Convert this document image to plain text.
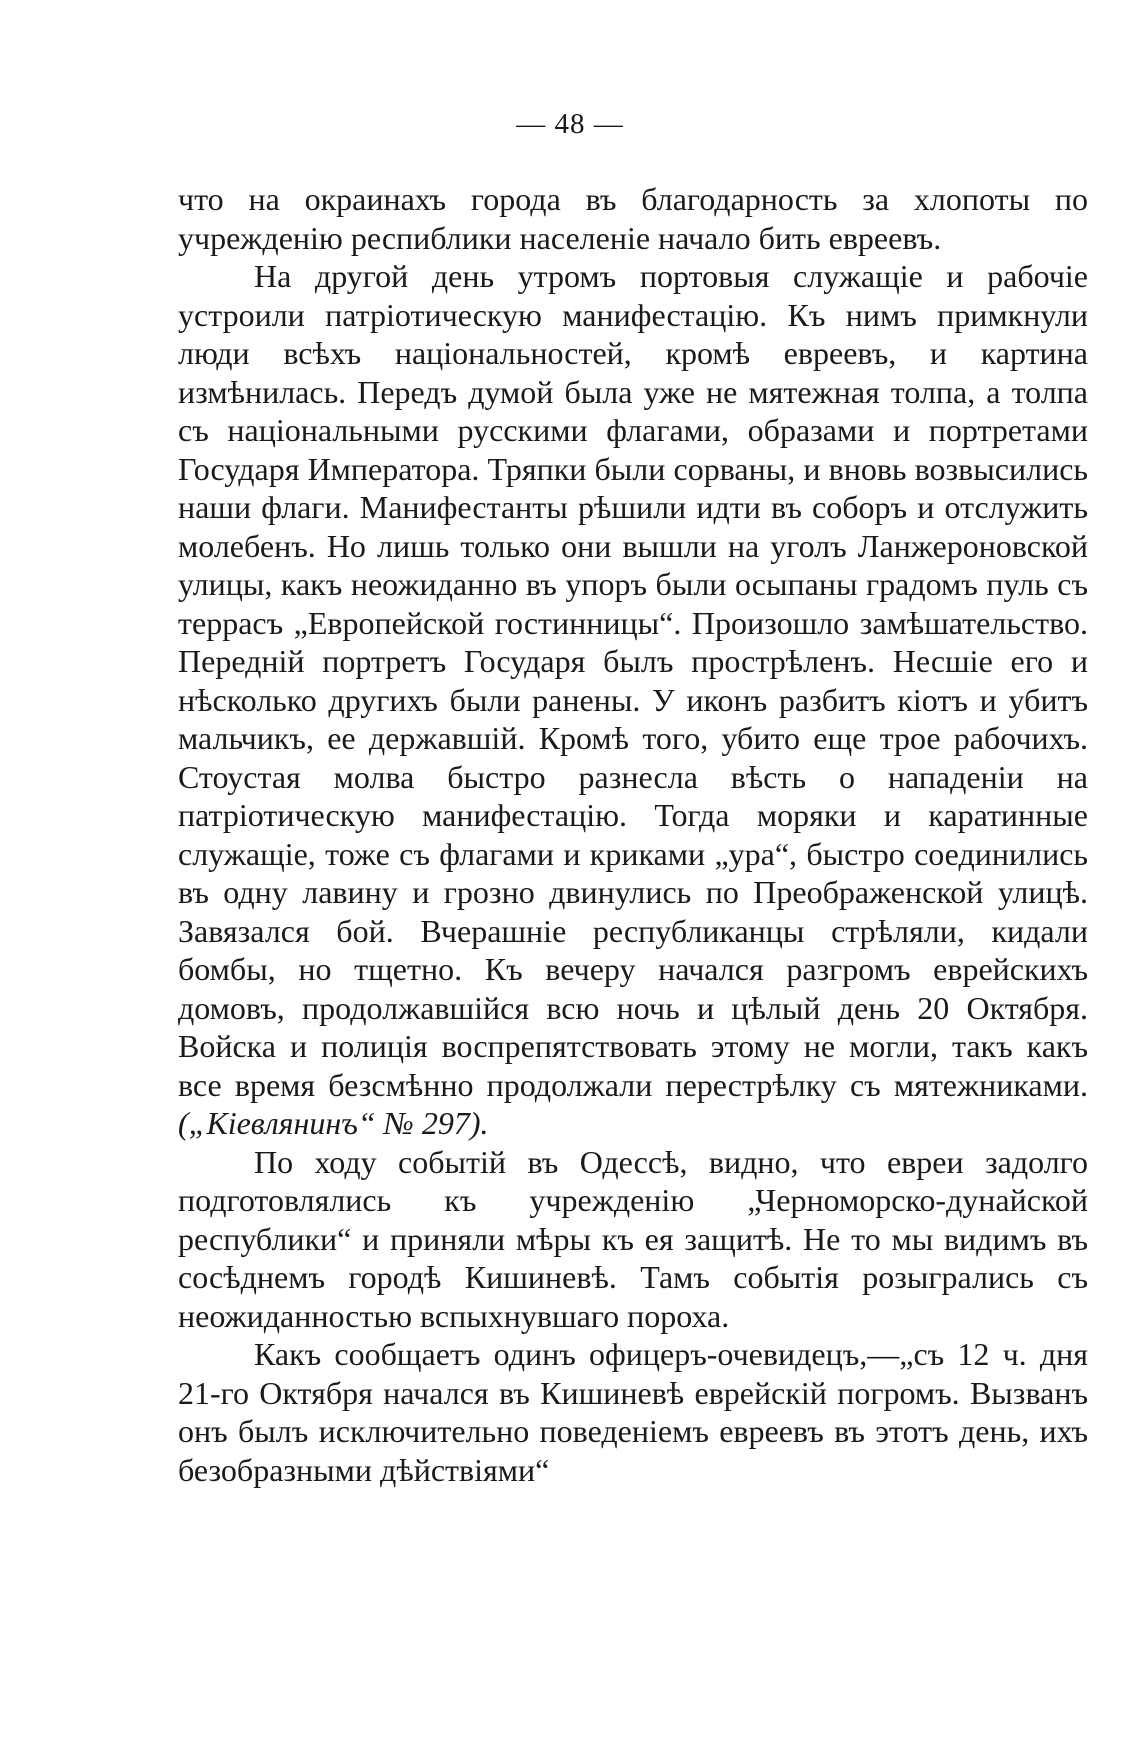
— 48 —

что на окраинахъ города въ благодарность за хлопоты по учрежденію респиблики населеніе начало бить евреевъ.

На другой день утромъ портовыя служащіе и рабочіе устроили патріотическую манифестацію. Къ нимъ примкнули люди всѣхъ національностей, кромѣ евреевъ, и картина измѣнилась. Передъ думой была уже не мятежная толпа, а толпа съ національными русскими флагами, образами и портретами Государя Императора. Тряпки были сорваны, и вновь возвысились наши флаги. Манифестанты рѣшили идти въ соборъ и отслужить молебенъ. Но лишь только они вышли на уголъ Ланжероновской улицы, какъ неожиданно въ упоръ были осыпаны градомъ пуль съ террасъ „Европейской гостинницы“. Произошло замѣшательство. Передній портретъ Государя былъ прострѣленъ. Несшіе его и нѣсколько другихъ были ранены. У иконъ разбитъ кіотъ и убитъ мальчикъ, ее державшій. Кромѣ того, убито еще трое рабочихъ. Стоустая молва быстро разнесла вѣсть о нападеніи на патріотическую манифестацію. Тогда моряки и каратинные служащіе, тоже съ флагами и криками „ура“, быстро соединились въ одну лавину и грозно двинулись по Преображенской улицѣ. Завязался бой. Вчерашніе республиканцы стрѣляли, кидали бомбы, но тщетно. Къ вечеру начался разгромъ еврейскихъ домовъ, продолжавшійся всю ночь и цѣлый день 20 Октября. Войска и полиція воспрепятствовать этому не могли, такъ какъ все время безсмѣнно продолжали перестрѣлку съ мятежниками. („Кіевлянинъ“ № 297).

По ходу событій въ Одессѣ, видно, что евреи задолго подготовлялись къ учрежденію „Черноморско-дунайской республики“ и приняли мѣры къ ея защитѣ. Не то мы видимъ въ сосѣднемъ городѣ Кишиневѣ. Тамъ событія розыгрались съ неожиданностью вспыхнувшаго пороха.

Какъ сообщаетъ одинъ офицеръ-очевидецъ,—„съ 12 ч. дня 21-го Октября начался въ Кишиневѣ еврейскій погромъ. Вызванъ онъ былъ исключительно поведеніемъ евреевъ въ этотъ день, ихъ безобразными дѣйствіями“
